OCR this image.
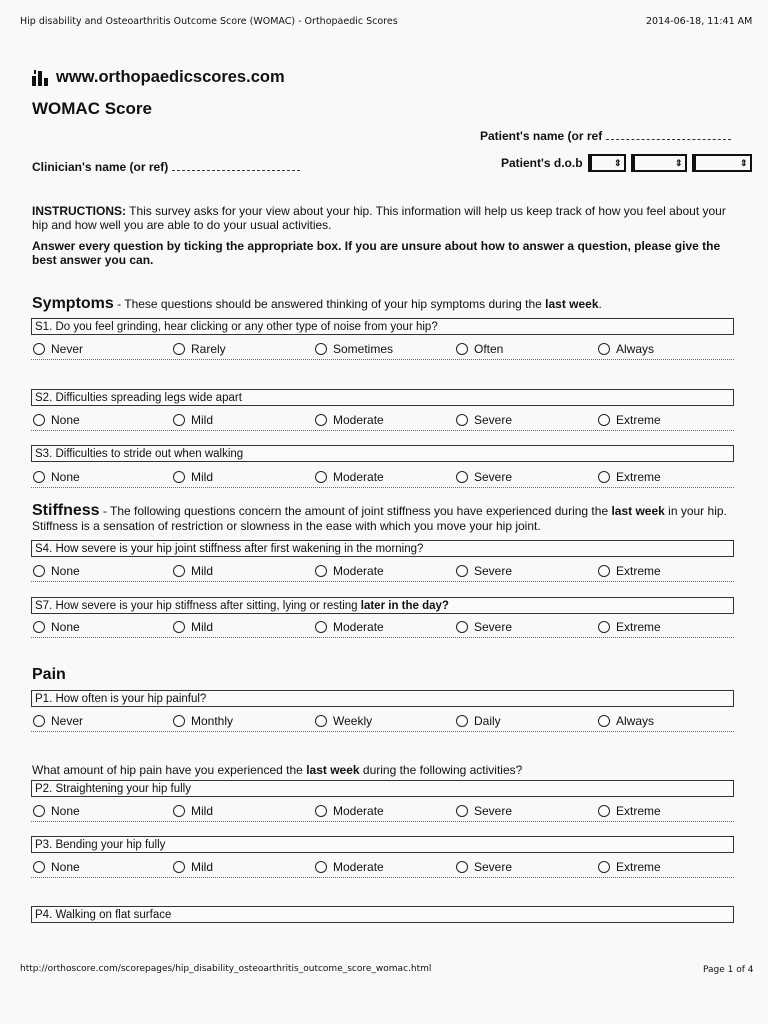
Hip disability and Osteoarthritis Outcome Score (WOMAC) - Orthopaedic Scores	2014-06-18, 11:41 AM
www.orthopaedicscores.com
WOMAC Score
Patient's name (or ref
Clinician's name (or ref)	Patient's d.o.b	⇕	⇕	⇕
INSTRUCTIONS: This survey asks for your view about your hip. This information will help us keep track of how you feel about your hip and how well you are able to do your usual activities.
Answer every question by ticking the appropriate box. If you are unsure about how to answer a question, please give the best answer you can.
Symptoms - These questions should be answered thinking of your hip symptoms during the last week.
S1. Do you feel grinding, hear clicking or any other type of noise from your hip?
Never	Rarely	Sometimes	Often	Always
S2. Difficulties spreading legs wide apart
None	Mild	Moderate	Severe	Extreme
S3. Difficulties to stride out when walking
None	Mild	Moderate	Severe	Extreme
Stiffness - The following questions concern the amount of joint stiffness you have experienced during the last week in your hip. Stiffness is a sensation of restriction or slowness in the ease with which you move your hip joint.
S4. How severe is your hip joint stiffness after first wakening in the morning?
None	Mild	Moderate	Severe	Extreme
S7. How severe is your hip stiffness after sitting, lying or resting later in the day?
None	Mild	Moderate	Severe	Extreme
Pain
P1. How often is your hip painful?
Never	Monthly	Weekly	Daily	Always
What amount of hip pain have you experienced the last week during the following activities?
P2. Straightening your hip fully
None	Mild	Moderate	Severe	Extreme
P3. Bending your hip fully
None	Mild	Moderate	Severe	Extreme
P4. Walking on flat surface
http://orthoscore.com/scorepages/hip_disability_osteoarthritis_outcome_score_womac.html	Page 1 of 4
